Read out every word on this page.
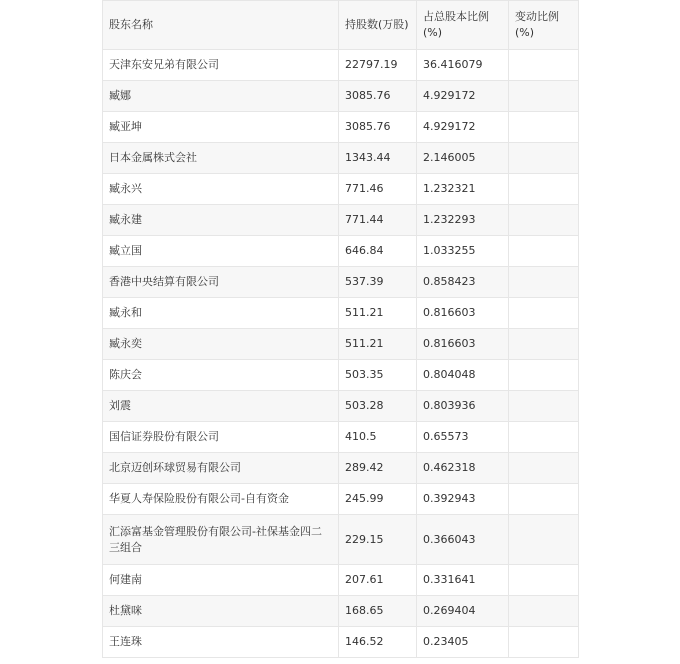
股东名称	持股数(万股)	占总股本比例(%)	变动比例(%)
天津东安兄弟有限公司	22797.19	36.416079	
臧娜	3085.76	4.929172	
臧亚坤	3085.76	4.929172	
日本金属株式会社	1343.44	2.146005	
臧永兴	771.46	1.232321	
臧永建	771.44	1.232293	
臧立国	646.84	1.033255	
香港中央结算有限公司	537.39	0.858423	
臧永和	511.21	0.816603	
臧永奕	511.21	0.816603	
陈庆会	503.35	0.804048	
刘震	503.28	0.803936	
国信证券股份有限公司	410.5	0.65573	
北京迈创环球贸易有限公司	289.42	0.462318	
华夏人寿保险股份有限公司-自有资金	245.99	0.392943	
汇添富基金管理股份有限公司-社保基金四二三组合	229.15	0.366043	
何建南	207.61	0.331641	
杜黛咪	168.65	0.269404	
王连珠	146.52	0.23405	
